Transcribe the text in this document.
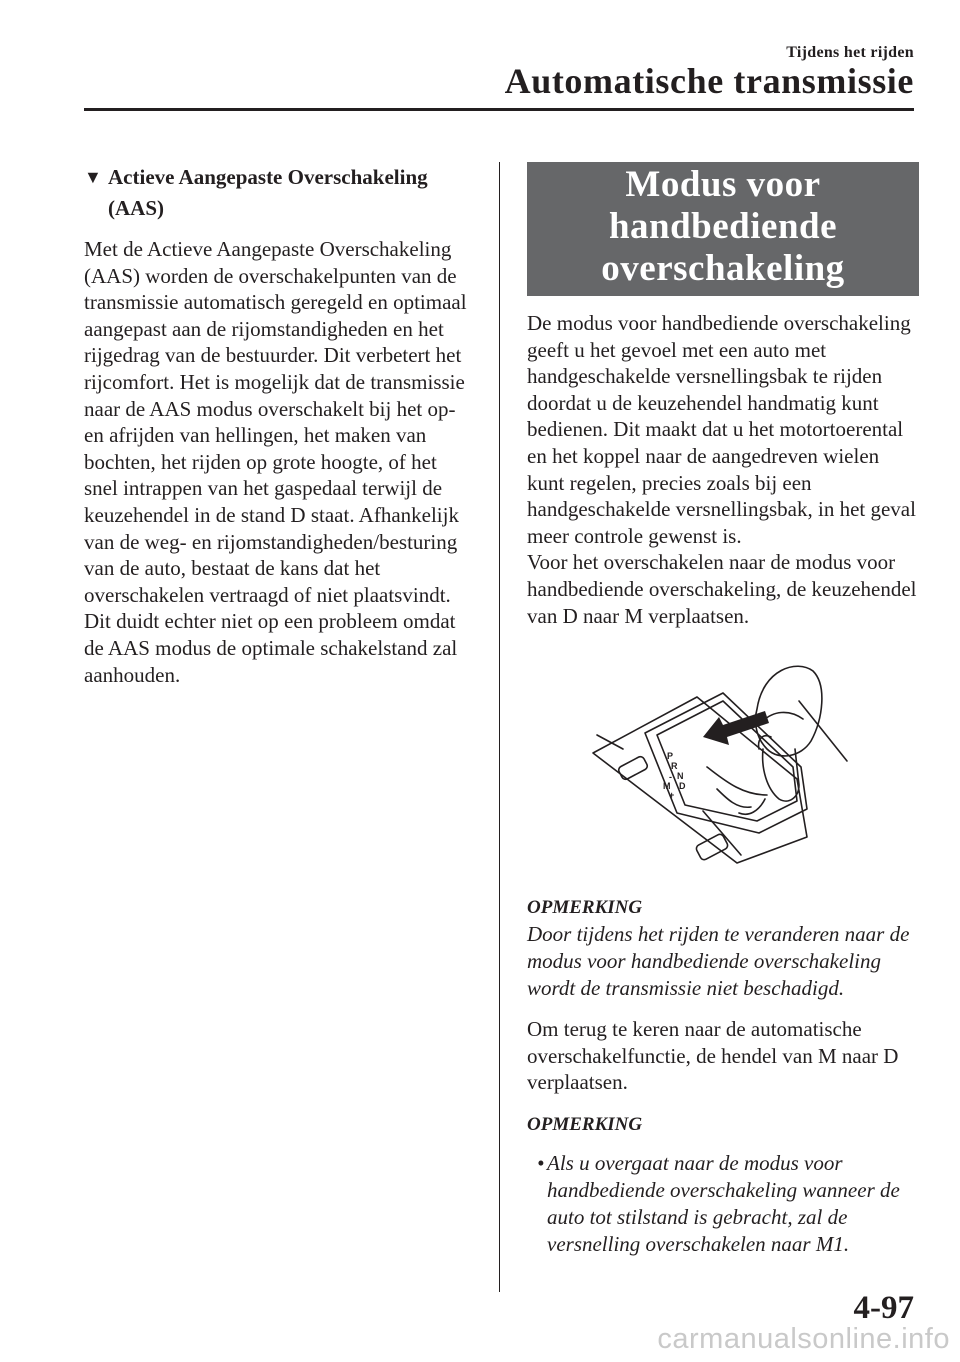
Tijdens het rijden
Automatische transmissie
▼ Actieve Aangepaste Overschakeling (AAS)

Met de Actieve Aangepaste Overschakeling (AAS) worden de overschakelpunten van de transmissie automatisch geregeld en optimaal aangepast aan de rijomstandigheden en het rijgedrag van de bestuurder. Dit verbetert het rijcomfort. Het is mogelijk dat de transmissie naar de AAS modus overschakelt bij het op- en afrijden van hellingen, het maken van bochten, het rijden op grote hoogte, of het snel intrappen van het gaspedaal terwijl de keuzehendel in de stand D staat. Afhankelijk van de weg- en rijomstandigheden/besturing van de auto, bestaat de kans dat het overschakelen vertraagd of niet plaatsvindt. Dit duidt echter niet op een probleem omdat de AAS modus de optimale schakelstand zal aanhouden.

Modus voor handbediende
overschakeling

De modus voor handbediende overschakeling geeft u het gevoel met een auto met handgeschakelde versnellingsbak te rijden doordat u de keuzehendel handmatig kunt bedienen. Dit maakt dat u het motortoerental en het koppel naar de aangedreven wielen kunt regelen, precies zoals bij een handgeschakelde versnellingsbak, in het geval meer controle gewenst is.

Voor het overschakelen naar de modus voor handbediende overschakeling, de keuzehendel van D naar M verplaatsen.

P
R
N
D
M
-
+
OPMERKING

Door tijdens het rijden te veranderen naar de modus voor handbediende overschakeling wordt de transmissie niet beschadigd.

Om terug te keren naar de automatische overschakelfunctie, de hendel van M naar D verplaatsen.

OPMERKING
• Als u overgaat naar de modus voor handbediende overschakeling wanneer de auto tot stilstand is gebracht, zal de versnelling overschakelen naar M1.
4-97
carmanualsonline.info
